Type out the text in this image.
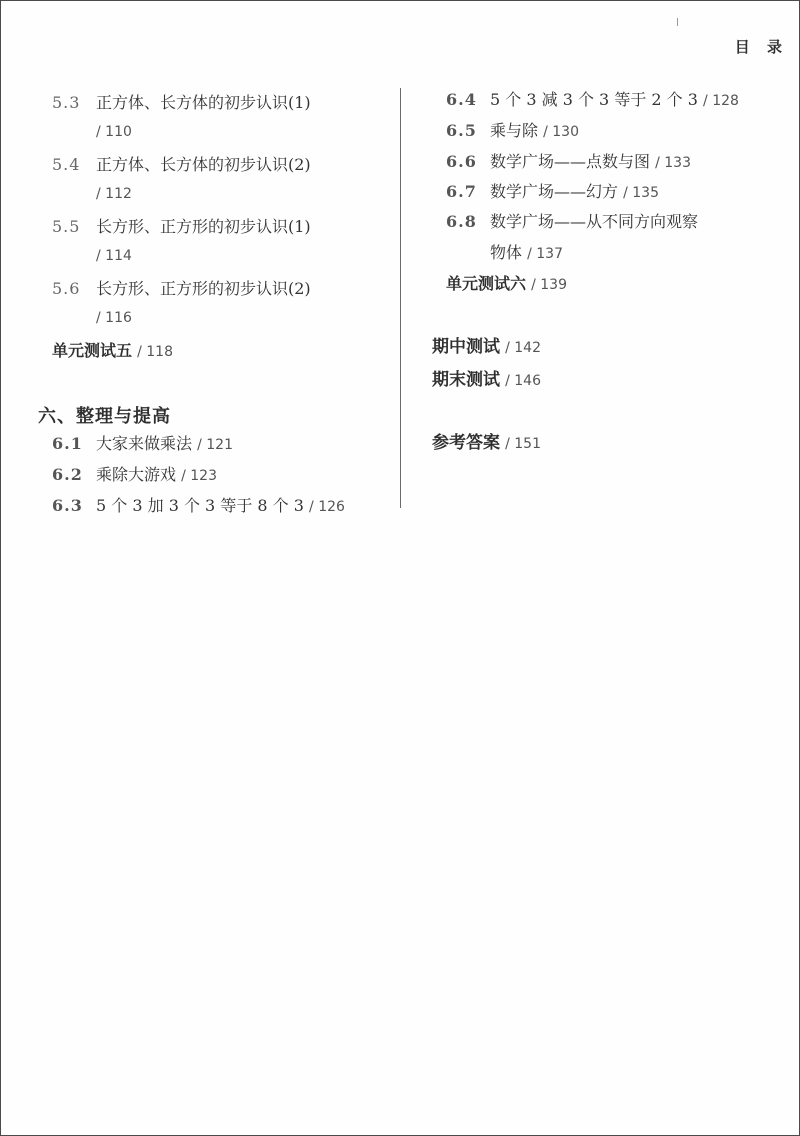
目 录
5.3 正方体、长方体的初步认识(1)
/ 110
5.4 正方体、长方体的初步认识(2)
/ 112
5.5 长方形、正方形的初步认识(1)
/ 114
5.6 长方形、正方形的初步认识(2)
/ 116
单元测试五 / 118
六、整理与提高
6.1 大家来做乘法 / 121
6.2 乘除大游戏 / 123
6.3 5 个 3 加 3 个 3 等于 8 个 3 / 126
6.4 5 个 3 减 3 个 3 等于 2 个 3 / 128
6.5 乘与除 / 130
6.6 数学广场——点数与图 / 133
6.7 数学广场——幻方 / 135
6.8 数学广场——从不同方向观察
物体 / 137
单元测试六 / 139
期中测试 / 142
期末测试 / 146
参考答案 / 151
